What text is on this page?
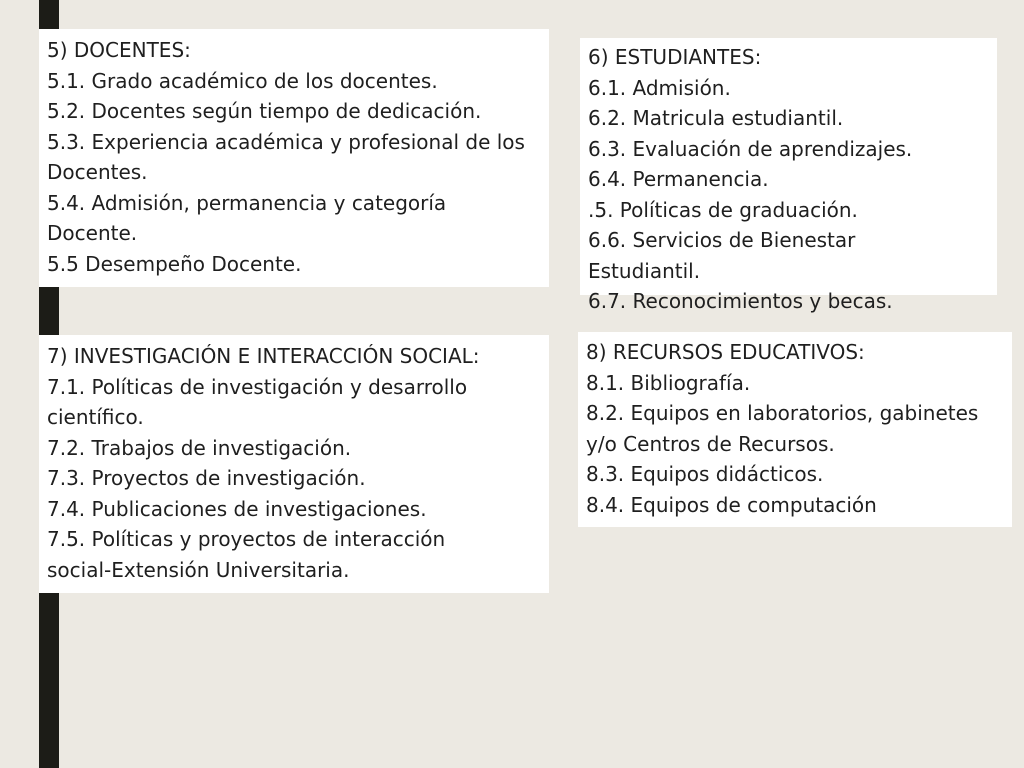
5) DOCENTES:
5.1. Grado académico de los docentes.
5.2. Docentes según tiempo de dedicación.
5.3. Experiencia académica y profesional de los Docentes.
5.4. Admisión, permanencia y categoría Docente.
5.5 Desempeño Docente.
6) ESTUDIANTES:
6.1. Admisión.
6.2. Matricula estudiantil.
6.3. Evaluación de aprendizajes.
6.4. Permanencia.
.5. Políticas de graduación.
6.6. Servicios de Bienestar Estudiantil.
6.7. Reconocimientos y becas.
7) INVESTIGACIÓN E INTERACCIÓN SOCIAL:
7.1. Políticas de investigación y desarrollo científico.
7.2. Trabajos de investigación.
7.3. Proyectos de investigación.
7.4. Publicaciones de investigaciones.
7.5. Políticas y proyectos de interacción social-Extensión Universitaria.
8) RECURSOS EDUCATIVOS:
8.1. Bibliografía.
8.2. Equipos en laboratorios, gabinetes y/o Centros de Recursos.
8.3. Equipos didácticos.
8.4. Equipos de computación
